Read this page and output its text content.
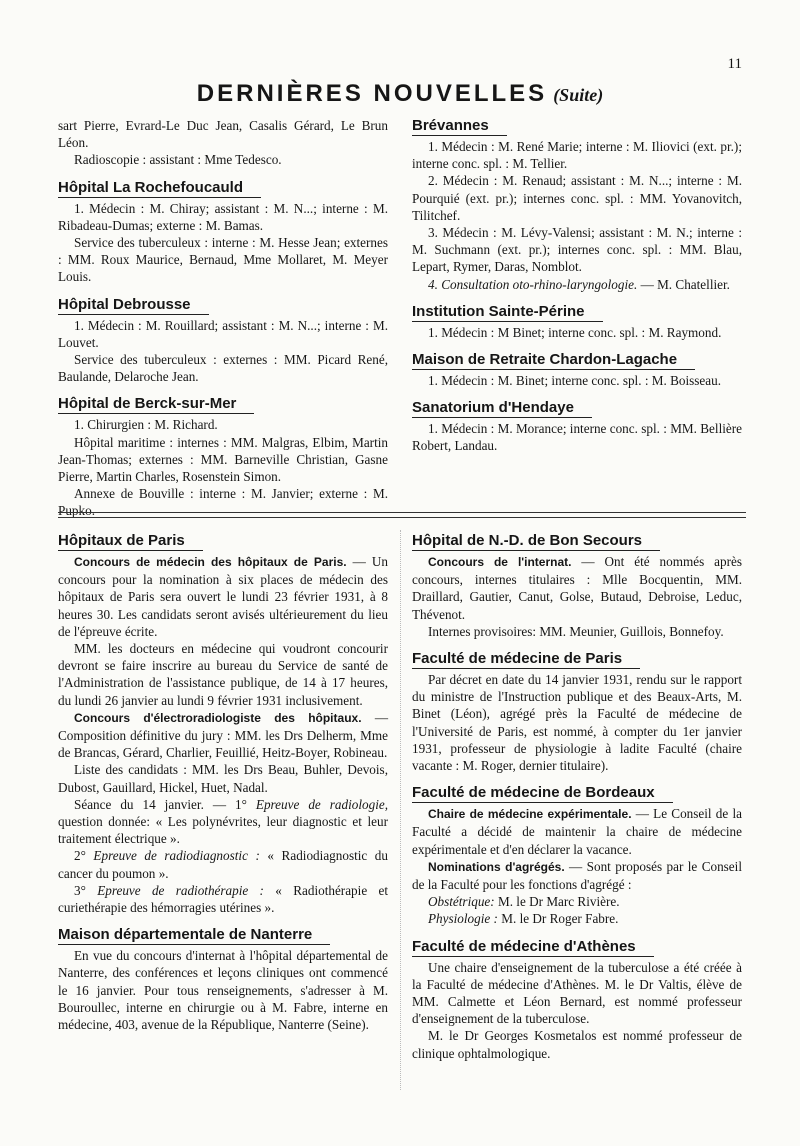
11
DERNIÈRES NOUVELLES (Suite)

sart Pierre, Evrard-Le Duc Jean, Casalis Gérard, Le Brun Léon.

Radioscopie : assistant : Mme Tedesco.

Hôpital La Rochefoucauld

1. Médecin : M. Chiray; assistant : M. N...; interne : M. Ribadeau-Dumas; externe : M. Bamas.

Service des tuberculeux : interne : M. Hesse Jean; externes : MM. Roux Maurice, Bernaud, Mme Mollaret, M. Meyer Louis.

Hôpital Debrousse

1. Médecin : M. Rouillard; assistant : M. N...; interne : M. Louvet.

Service des tuberculeux : externes : MM. Picard René, Baulande, Delaroche Jean.

Hôpital de Berck-sur-Mer

1. Chirurgien : M. Richard.

Hôpital maritime : internes : MM. Malgras, Elbim, Martin Jean-Thomas; externes : MM. Barneville Christian, Gasne Pierre, Martin Charles, Rosenstein Simon.

Annexe de Bouville : interne : M. Janvier; externe : M. Pupko.

Brévannes

1. Médecin : M. René Marie; interne : M. Iliovici (ext. pr.); interne conc. spl. : M. Tellier.

2. Médecin : M. Renaud; assistant : M. N...; interne : M. Pourquié (ext. pr.); internes conc. spl. : MM. Yovanovitch, Tilitchef.

3. Médecin : M. Lévy-Valensi; assistant : M. N.; interne : M. Suchmann (ext. pr.); internes conc. spl. : MM. Blau, Lepart, Rymer, Daras, Nomblot.

4. Consultation oto-rhino-laryngologie. — M. Chatellier.

Institution Sainte-Périne

1. Médecin : M Binet; interne conc. spl. : M. Raymond.

Maison de Retraite Chardon-Lagache

1. Médecin : M. Binet; interne conc. spl. : M. Boisseau.

Sanatorium d'Hendaye

1. Médecin : M. Morance; interne conc. spl. : MM. Bellière Robert, Landau.

Hôpitaux de Paris

Concours de médecin des hôpitaux de Paris. — Un concours pour la nomination à six places de médecin des hôpitaux de Paris sera ouvert le lundi 23 février 1931, à 8 heures 30. Les candidats seront avisés ultérieurement du lieu de l'épreuve écrite.

MM. les docteurs en médecine qui voudront concourir devront se faire inscrire au bureau du Service de santé de l'Administration de l'assistance publique, de 14 à 17 heures, du lundi 26 janvier au lundi 9 février 1931 inclusivement.

Concours d'électroradiologiste des hôpitaux. — Composition définitive du jury : MM. les Drs Delherm, Mme de Brancas, Gérard, Charlier, Feuillié, Heitz-Boyer, Robineau.

Liste des candidats : MM. les Drs Beau, Buhler, Devois, Dubost, Gauillard, Hickel, Huet, Nadal.

Séance du 14 janvier. — 1° Epreuve de radiologie, question donnée: « Les polynévrites, leur diagnostic et leur traitement électrique ».

2° Epreuve de radiodiagnostic : « Radiodiagnostic du cancer du poumon ».

3° Epreuve de radiothérapie : « Radiothérapie et curiethérapie des hémorragies utérines ».

Maison départementale de Nanterre

En vue du concours d'internat à l'hôpital départemental de Nanterre, des conférences et leçons cliniques ont commencé le 16 janvier. Pour tous renseignements, s'adresser à M. Bouroullec, interne en chirurgie ou à M. Fabre, interne en médecine, 403, avenue de la République, Nanterre (Seine).

Hôpital de N.-D. de Bon Secours

Concours de l'internat. — Ont été nommés après concours, internes titulaires : Mlle Bocquentin, MM. Draillard, Gautier, Canut, Golse, Butaud, Debroise, Leduc, Thévenot.

Internes provisoires: MM. Meunier, Guillois, Bonnefoy.

Faculté de médecine de Paris

Par décret en date du 14 janvier 1931, rendu sur le rapport du ministre de l'Instruction publique et des Beaux-Arts, M. Binet (Léon), agrégé près la Faculté de médecine de l'Université de Paris, est nommé, à compter du 1er janvier 1931, professeur de physiologie à ladite Faculté (chaire vacante : M. Roger, dernier titulaire).

Faculté de médecine de Bordeaux

Chaire de médecine expérimentale. — Le Conseil de la Faculté a décidé de maintenir la chaire de médecine expérimentale et d'en déclarer la vacance.

Nominations d'agrégés. — Sont proposés par le Conseil de la Faculté pour les fonctions d'agrégé :

Obstétrique: M. le Dr Marc Rivière.

Physiologie : M. le Dr Roger Fabre.

Faculté de médecine d'Athènes

Une chaire d'enseignement de la tuberculose a été créée à la Faculté de médecine d'Athènes. M. le Dr Valtis, élève de MM. Calmette et Léon Bernard, est nommé professeur d'enseignement de la tuberculose.

M. le Dr Georges Kosmetalos est nommé professeur de clinique ophtalmologique.
